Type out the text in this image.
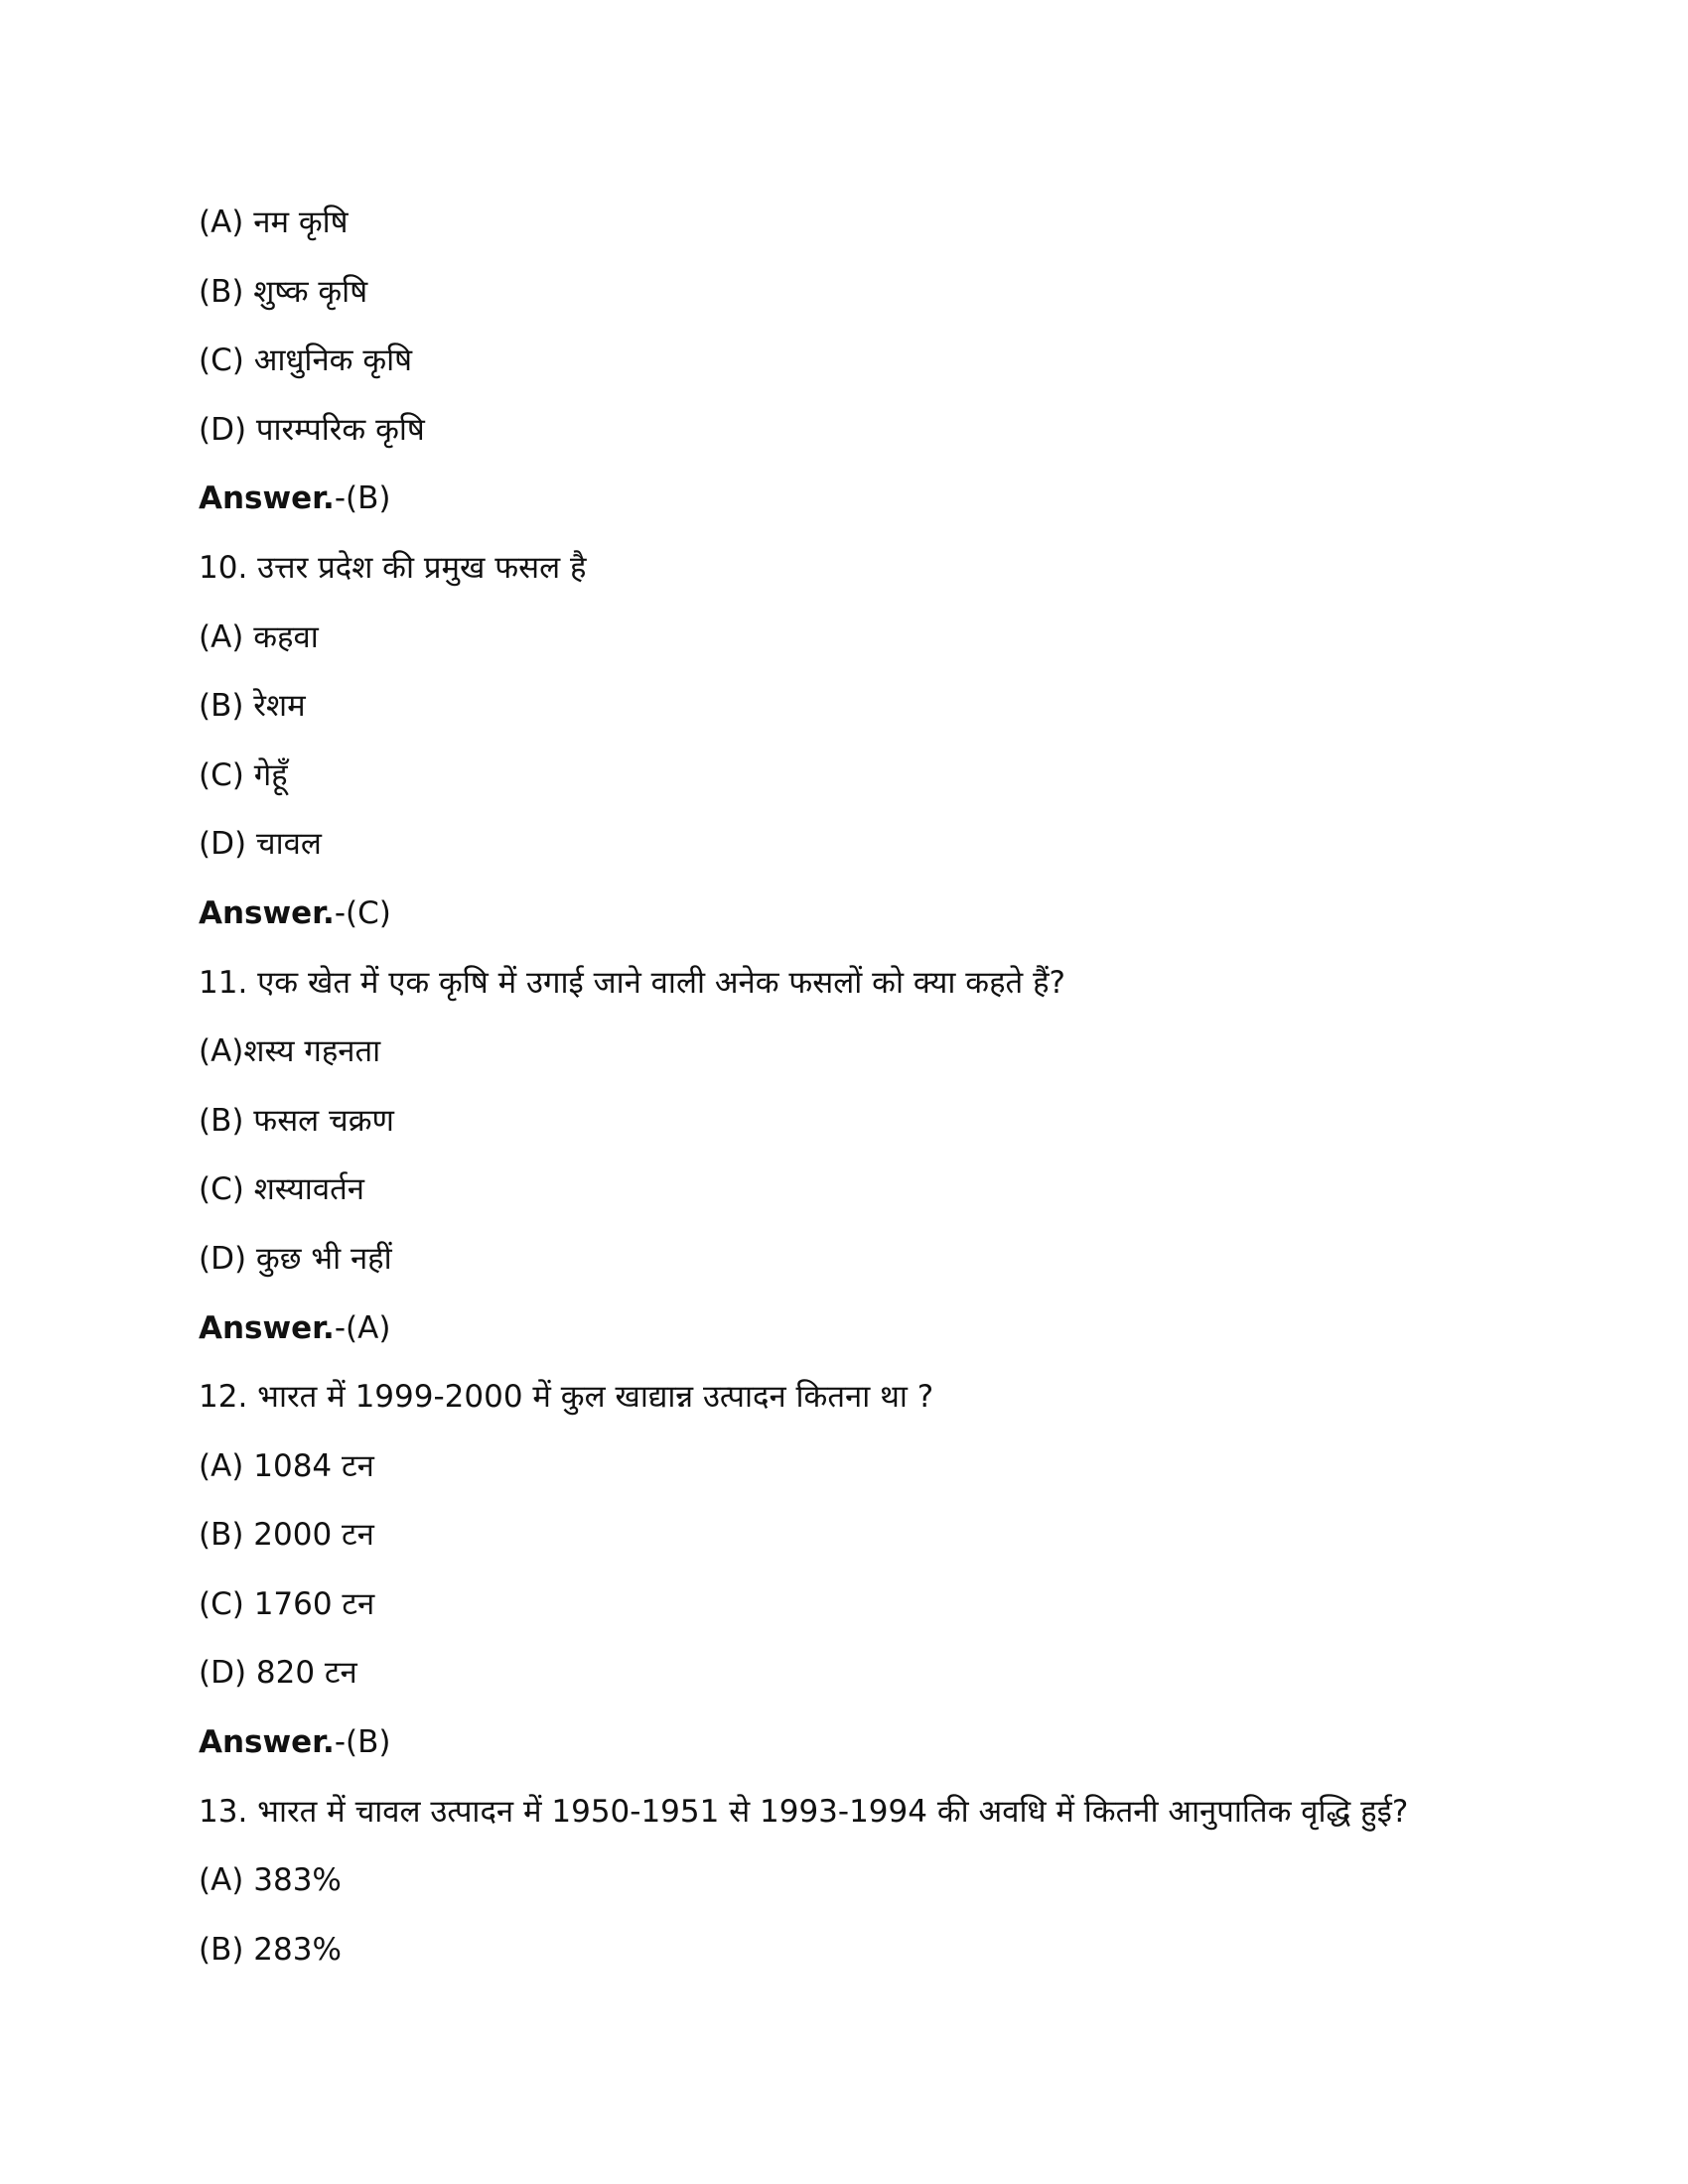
(A) नम कृषि
(B) शुष्क कृषि
(C) आधुनिक कृषि
(D) पारम्परिक कृषि
Answer.-(B)
10. उत्तर प्रदेश की प्रमुख फसल है
(A) कहवा
(B) रेशम
(C) गेहूँ
(D) चावल
Answer.-(C)
11. एक खेत में एक कृषि में उगाई जाने वाली अनेक फसलों को क्या कहते हैं?
(A)शस्य गहनता
(B) फसल चक्रण
(C) शस्यावर्तन
(D) कुछ भी नहीं
Answer.-(A)
12. भारत में 1999-2000 में कुल खाद्यान्न उत्पादन कितना था ?
(A) 1084 टन
(B) 2000 टन
(C) 1760 टन
(D) 820 टन
Answer.-(B)
13. भारत में चावल उत्पादन में 1950-1951 से 1993-1994 की अवधि में कितनी आनुपातिक वृद्धि हुई?
(A) 383%
(B) 283%
